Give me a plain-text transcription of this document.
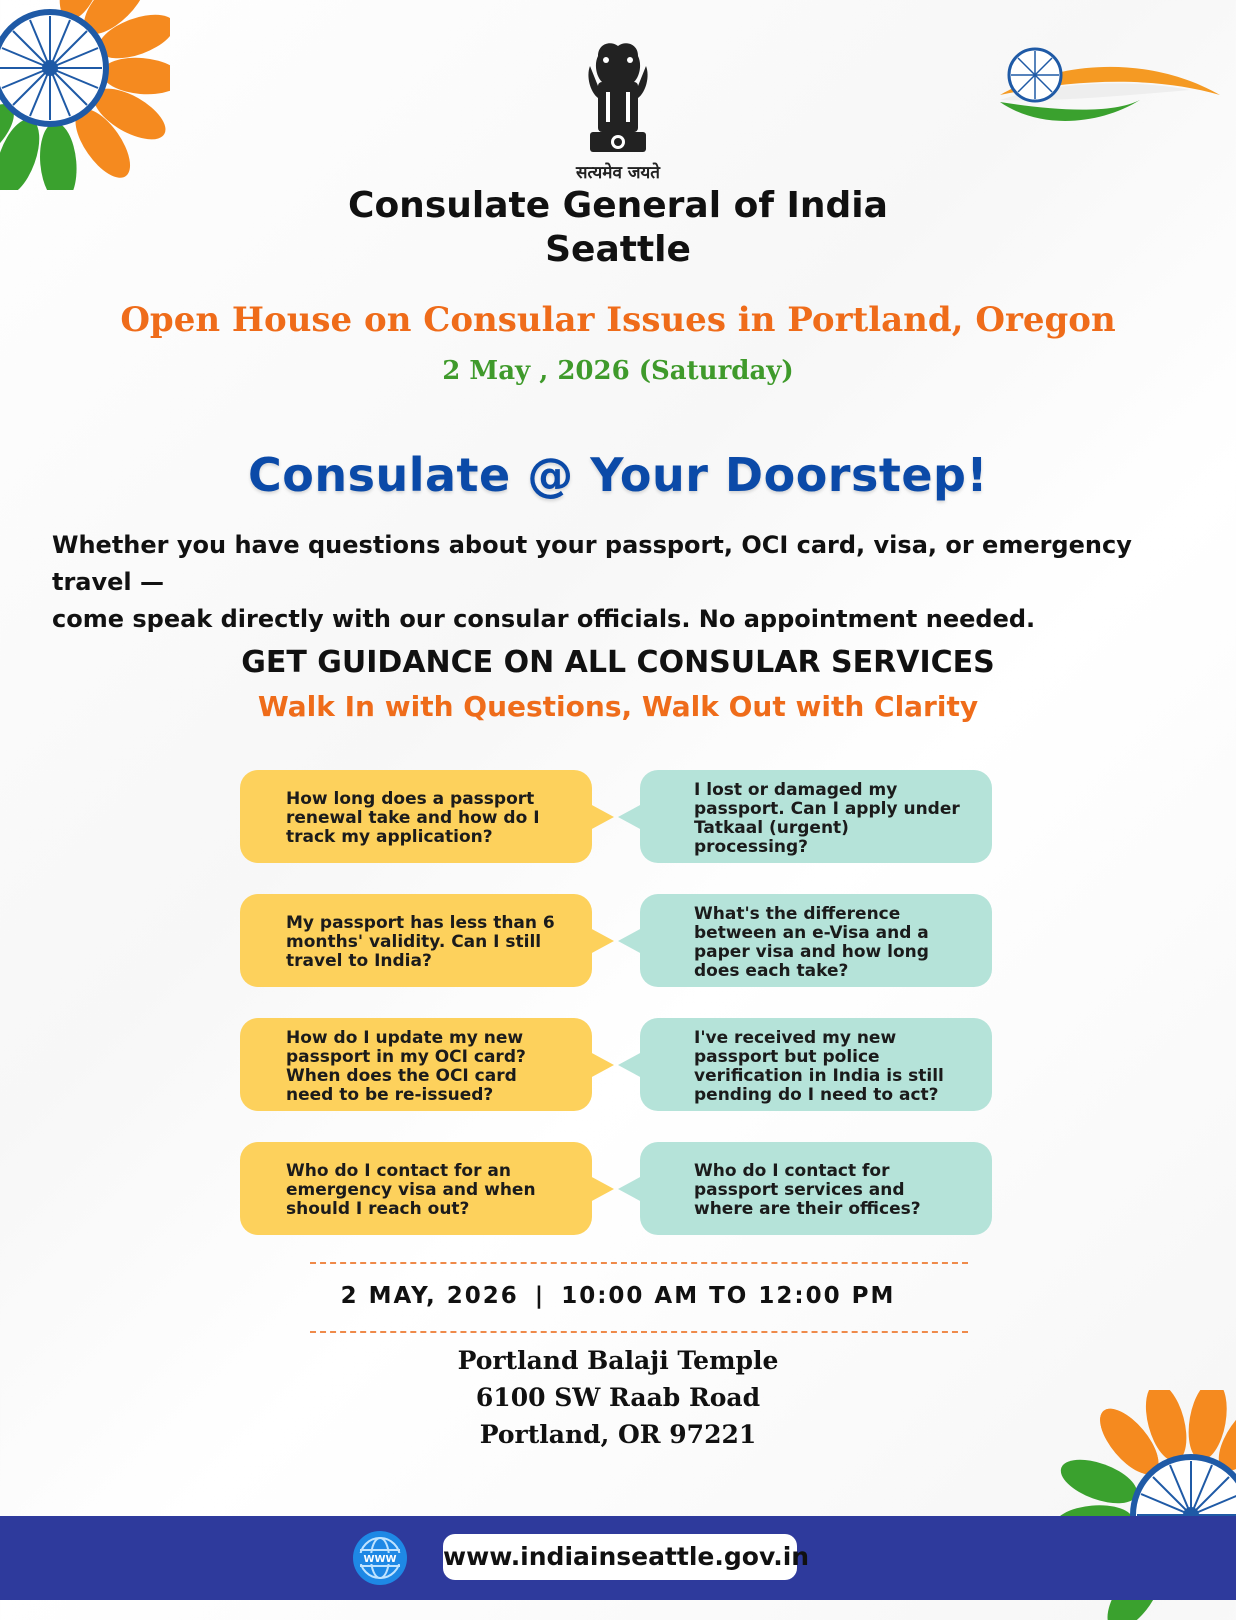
सत्यमेव जयते
Consulate General of India
Seattle
Open House on Consular Issues in Portland, Oregon
2 May , 2026 (Saturday)
Consulate @ Your Doorstep!
Whether you have questions about your passport, OCI card, visa, or emergency travel —
come speak directly with our consular officials. No appointment needed.
GET GUIDANCE ON ALL CONSULAR SERVICES
Walk In with Questions, Walk Out with Clarity
How long does a passport renewal take and how do I track my application?
I lost or damaged my passport. Can I apply under Tatkaal (urgent) processing?
My passport has less than 6 months' validity. Can I still travel to India?
What's the difference between an e-Visa and a paper visa and how long does each take?
How do I update my new passport in my OCI card? When does the OCI card need to be re-issued?
I've received my new passport but police verification in India is still pending do I need to act?
Who do I contact for an emergency visa and when should I reach out?
Who do I contact for passport services and where are their offices?
2 MAY, 2026 | 10:00 AM TO 12:00 PM
Portland Balaji Temple
6100 SW Raab Road
Portland, OR 97221
WWW www.indiainseattle.gov.in
